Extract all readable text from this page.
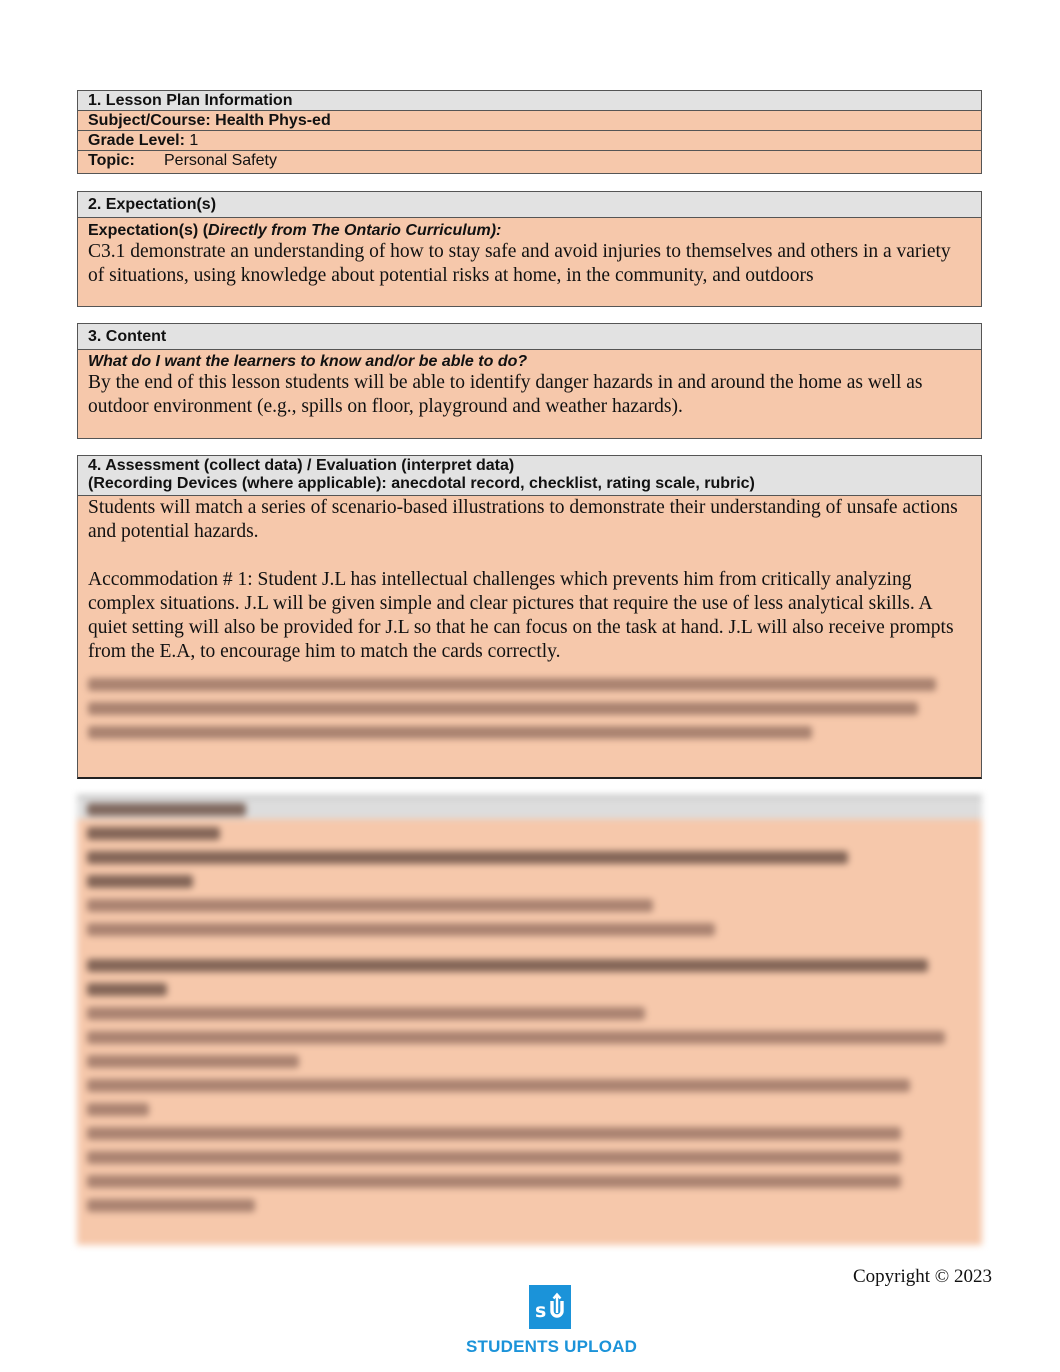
1. Lesson Plan Information
Subject/Course: Health Phys-ed
Grade Level: 1
Topic: Personal Safety
2. Expectation(s)
Expectation(s) (Directly from The Ontario Curriculum):
C3.1 demonstrate an understanding of how to stay safe and avoid injuries to themselves and others in a variety of situations, using knowledge about potential risks at home, in the community, and outdoors
3. Content
What do I want the learners to know and/or be able to do?
By the end of this lesson students will be able to identify danger hazards in and around the home as well as outdoor environment (e.g., spills on floor, playground and weather hazards).
4. Assessment (collect data) / Evaluation (interpret data)
(Recording Devices (where applicable): anecdotal record, checklist, rating scale, rubric)
Students will match a series of scenario-based illustrations to demonstrate their understanding of unsafe actions and potential hazards.
Accommodation # 1: Student J.L has intellectual challenges which prevents him from critically analyzing complex situations. J.L will be given simple and clear pictures that require the use of less analytical skills. A quiet setting will also be provided for J.L so that he can focus on the task at hand. J.L will also receive prompts from the E.A, to encourage him to match the cards correctly.
Copyright © 2023
s
STUDENTS UPLOAD
